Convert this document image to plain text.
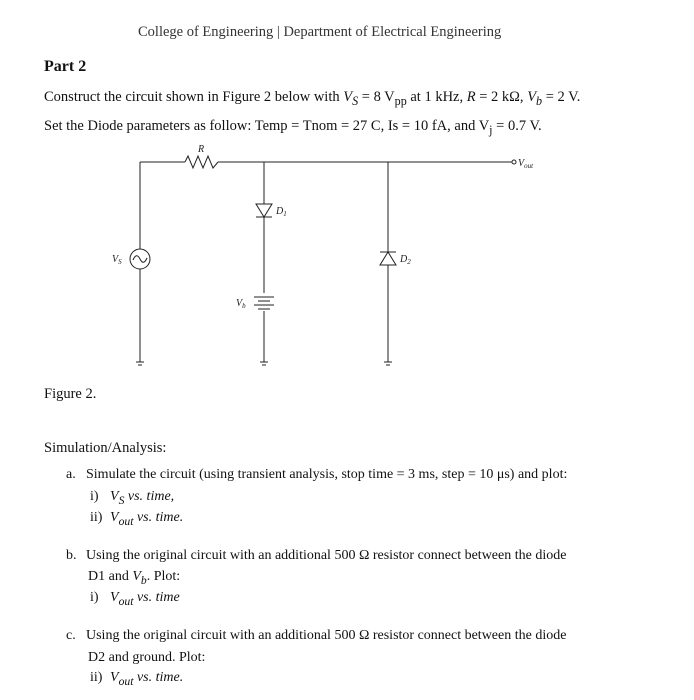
College of Engineering | Department of Electrical Engineering
Part 2
Construct the circuit shown in Figure 2 below with $V_S = 8$ $V_{pp}$ at 1 kHz, R = 2 kΩ, $V_b = 2$ V.
Set the Diode parameters as follow: Temp = Tnom = 27 C, Is = 10 fA, and $V_j = 0.7$ V.
R
$V_S$
$D_1$
$D_2$
$V_b$
$V_{out}$
Figure 2.
Simulation/Analysis:
a. Simulate the circuit (using transient analysis, stop time = 3 ms, step = 10 μs) and plot:
i) $V_S$ vs. time,
ii) $V_{out}$ vs. time.
b. Using the original circuit with an additional 500 Ω resistor connect between the diode
D1 and $V_b$. Plot:
i) $V_{out}$ vs. time
c. Using the original circuit with an additional 500 Ω resistor connect between the diode
D2 and ground. Plot:
ii) $V_{out}$ vs. time.
